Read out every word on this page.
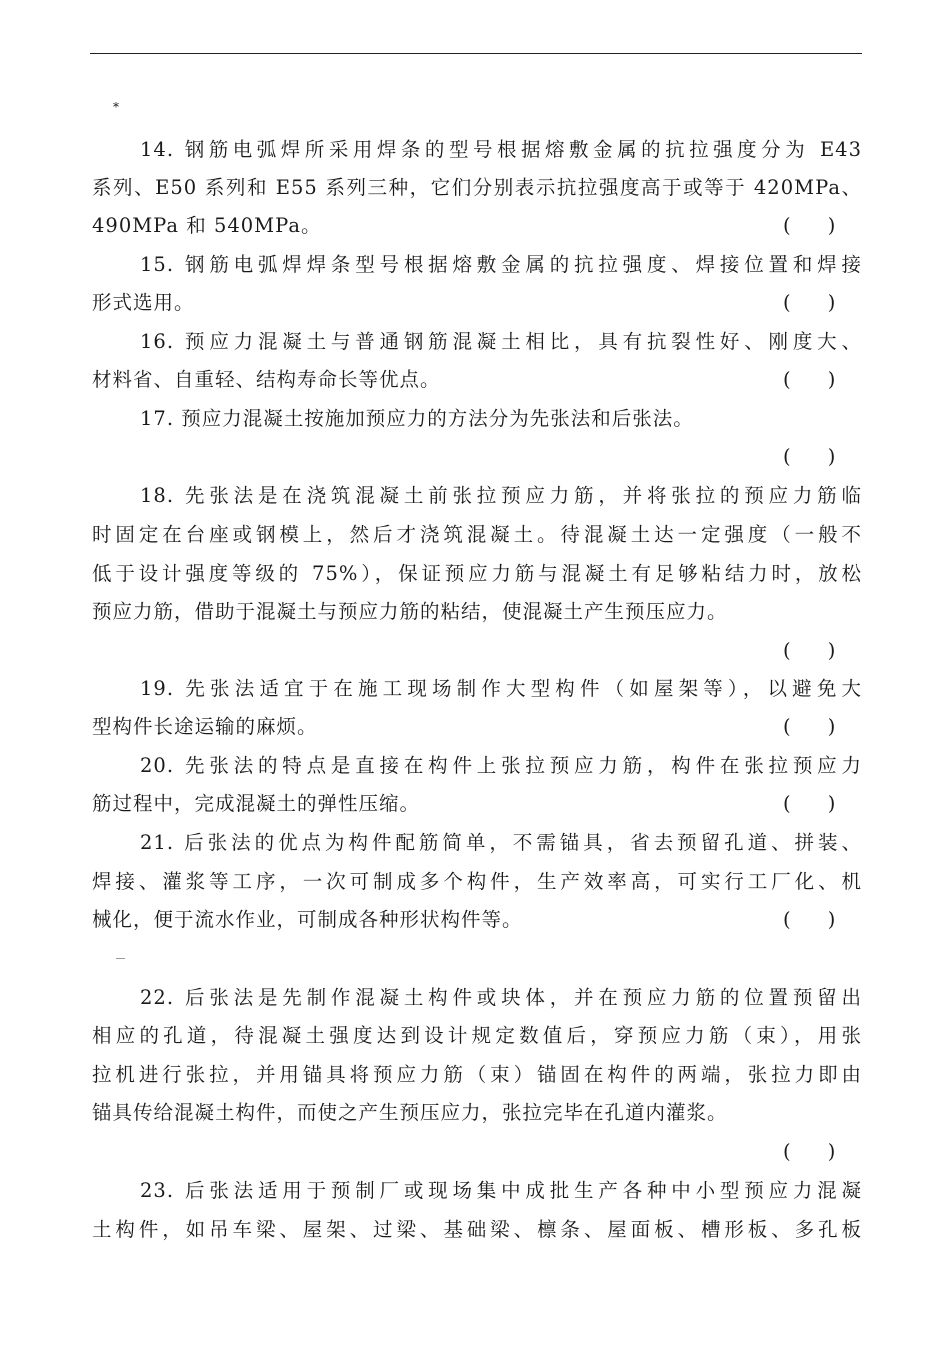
*
14. 钢筋电弧焊所采用焊条的型号根据熔敷金属的抗拉强度分为 E43
系列、E50 系列和 E55 系列三种，它们分别表示抗拉强度高于或等于 420MPa、
490MPa 和 540MPa。	(      )
15. 钢筋电弧焊焊条型号根据熔敷金属的抗拉强度、焊接位置和焊接
形式选用。	(      )
16. 预应力混凝土与普通钢筋混凝土相比，具有抗裂性好、刚度大、
材料省、自重轻、结构寿命长等优点。	(      )
17. 预应力混凝土按施加预应力的方法分为先张法和后张法。
(      )
18. 先张法是在浇筑混凝土前张拉预应力筋，并将张拉的预应力筋临
时固定在台座或钢模上，然后才浇筑混凝土。待混凝土达一定强度（一般不
低于设计强度等级的 75%），保证预应力筋与混凝土有足够粘结力时，放松
预应力筋，借助于混凝土与预应力筋的粘结，使混凝土产生预压应力。
(      )
19. 先张法适宜于在施工现场制作大型构件（如屋架等），以避免大
型构件长途运输的麻烦。	(      )
20. 先张法的特点是直接在构件上张拉预应力筋，构件在张拉预应力
筋过程中，完成混凝土的弹性压缩。	(      )
21. 后张法的优点为构件配筋简单，不需锚具，省去预留孔道、拼装、
焊接、灌浆等工序，一次可制成多个构件，生产效率高，可实行工厂化、机
械化，便于流水作业，可制成各种形状构件等。	(      )
22. 后张法是先制作混凝土构件或块体，并在预应力筋的位置预留出
相应的孔道，待混凝土强度达到设计规定数值后，穿预应力筋（束），用张
拉机进行张拉，并用锚具将预应力筋（束）锚固在构件的两端，张拉力即由
锚具传给混凝土构件，而使之产生预压应力，张拉完毕在孔道内灌浆。
(      )
23. 后张法适用于预制厂或现场集中成批生产各种中小型预应力混凝
土构件，如吊车梁、屋架、过梁、基础梁、檩条、屋面板、槽形板、多孔板
